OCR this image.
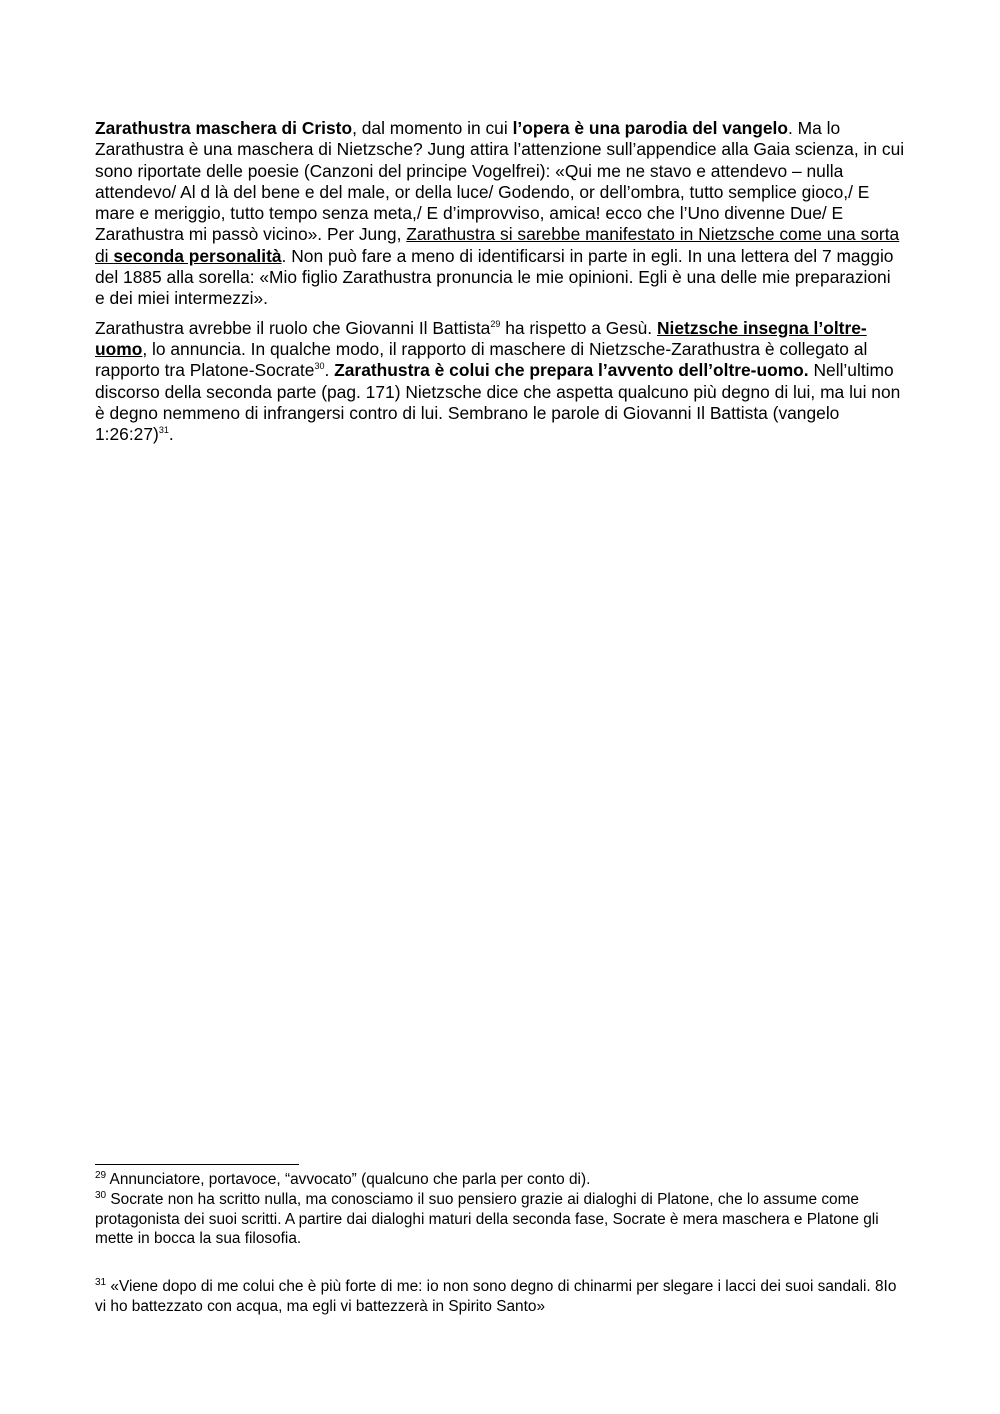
Zarathustra maschera di Cristo, dal momento in cui l’opera è una parodia del vangelo. Ma lo Zarathustra è una maschera di Nietzsche? Jung attira l’attenzione sull’appendice alla Gaia scienza, in cui sono riportate delle poesie (Canzoni del principe Vogelfrei): «Qui me ne stavo e attendevo – nulla attendevo/ Al d là del bene e del male, or della luce/ Godendo, or dell’ombra, tutto semplice gioco,/ E mare e meriggio, tutto tempo senza meta,/ E d’improvviso, amica! ecco che l’Uno divenne Due/ E Zarathustra mi passò vicino». Per Jung, Zarathustra si sarebbe manifestato in Nietzsche come una sorta di seconda personalità. Non può fare a meno di identificarsi in parte in egli. In una lettera del 7 maggio del 1885 alla sorella: «Mio figlio Zarathustra pronuncia le mie opinioni. Egli è una delle mie preparazioni e dei miei intermezzi».

Zarathustra avrebbe il ruolo che Giovanni Il Battista$^{29}$ ha rispetto a Gesù. Nietzsche insegna l’oltre-uomo, lo annuncia. In qualche modo, il rapporto di maschere di Nietzsche-Zarathustra è collegato al rapporto tra Platone-Socrate$^{30}$. Zarathustra è colui che prepara l’avvento dell’oltre-uomo. Nell’ultimo discorso della seconda parte (pag. 171) Nietzsche dice che aspetta qualcuno più degno di lui, ma lui non è degno nemmeno di infrangersi contro di lui. Sembrano le parole di Giovanni Il Battista (vangelo 1:26:27)$^{31}$.

$^{29}$ Annunciatore, portavoce, “avvocato” (qualcuno che parla per conto di).

$^{30}$ Socrate non ha scritto nulla, ma conosciamo il suo pensiero grazie ai dialoghi di Platone, che lo assume come protagonista dei suoi scritti. A partire dai dialoghi maturi della seconda fase, Socrate è mera maschera e Platone gli mette in bocca la sua filosofia.

$^{31}$ «Viene dopo di me colui che è più forte di me: io non sono degno di chinarmi per slegare i lacci dei suoi sandali. 8Io vi ho battezzato con acqua, ma egli vi battezzerà in Spirito Santo»
